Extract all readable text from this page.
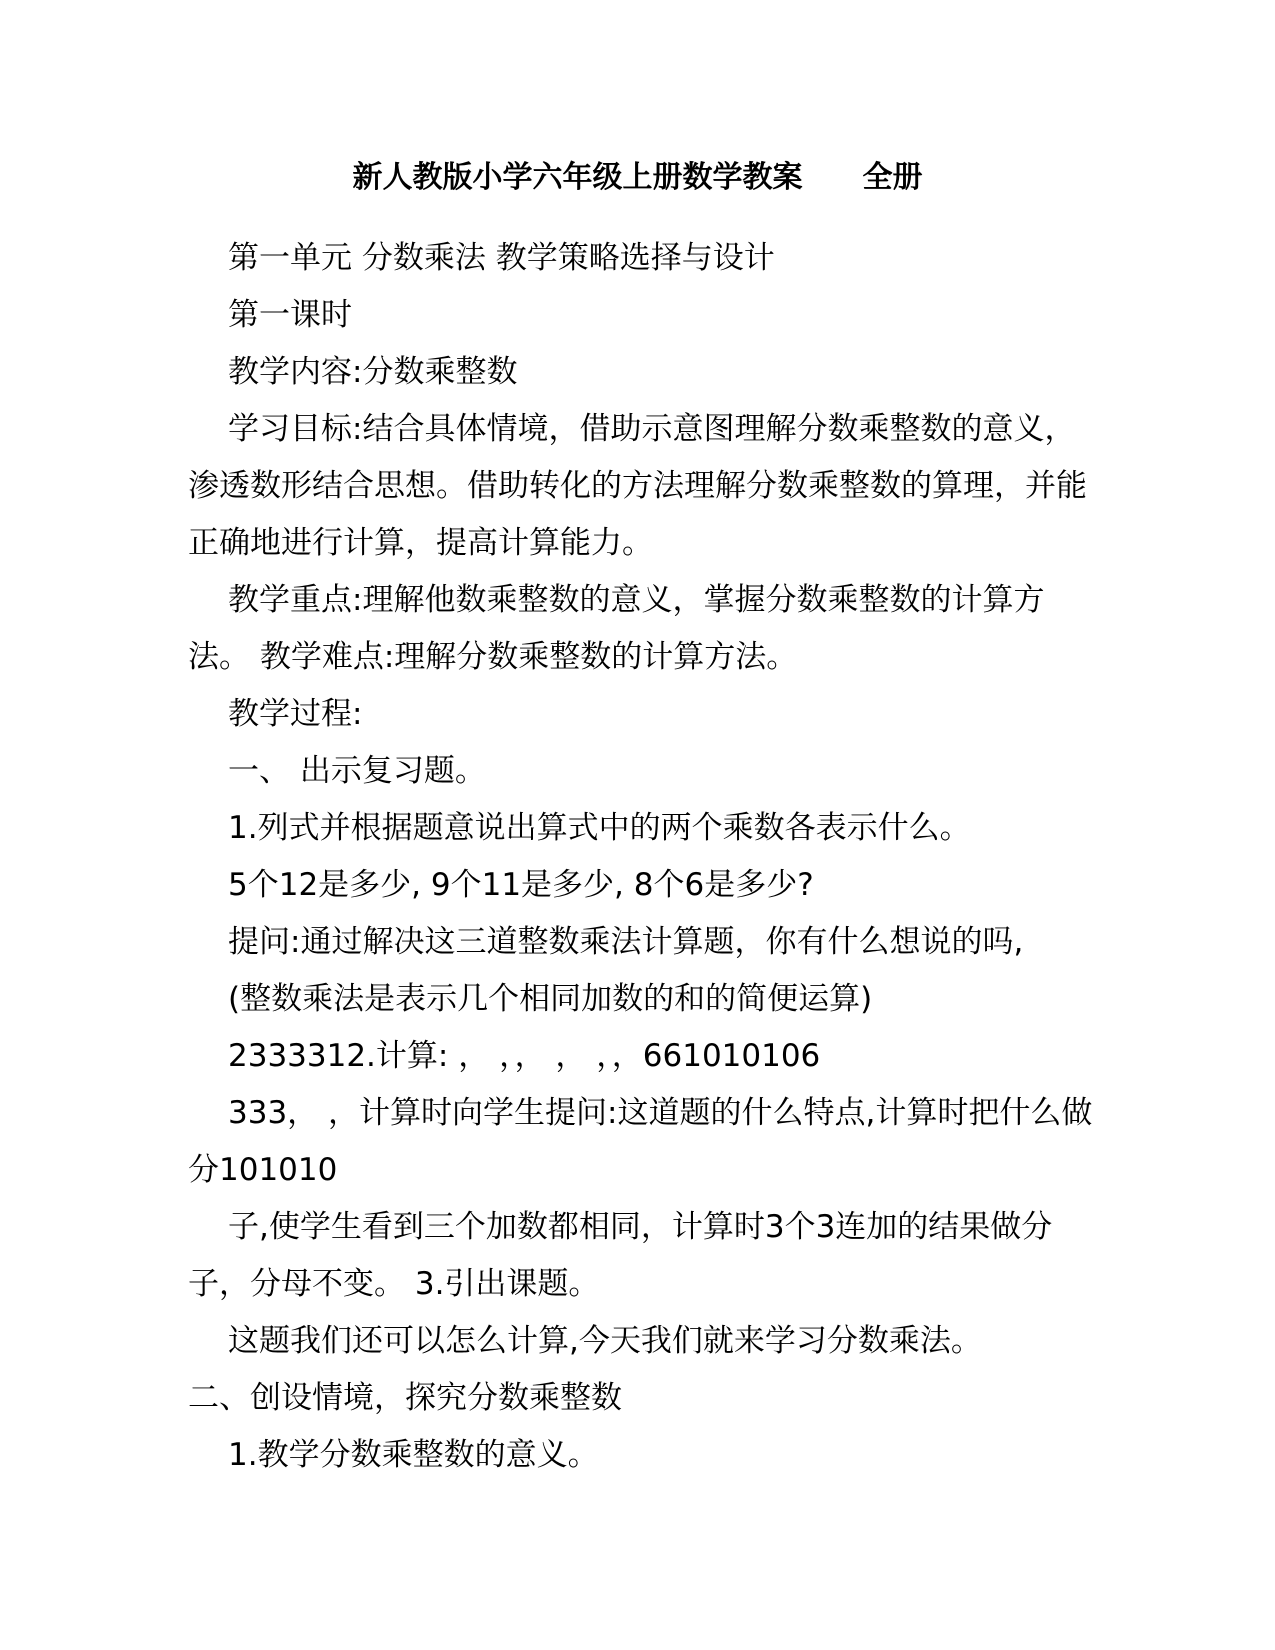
新人教版小学六年级上册数学教案　　全册

第一单元 分数乘法 教学策略选择与设计

第一课时

教学内容:分数乘整数

学习目标:结合具体情境，借助示意图理解分数乘整数的意义，渗透数形结合思想。借助转化的方法理解分数乘整数的算理，并能正确地进行计算，提高计算能力。

教学重点:理解他数乘整数的意义，掌握分数乘整数的计算方法。 教学难点:理解分数乘整数的计算方法。

教学过程:

一、 出示复习题。

1.列式并根据题意说出算式中的两个乘数各表示什么。

5个12是多少, 9个11是多少, 8个6是多少?

提问:通过解决这三道整数乘法计算题，你有什么想说的吗,

(整数乘法是表示几个相同加数的和的简便运算)

2333312.计算: ， ，， ， ，，661010106

333， ，计算时向学生提问:这道题的什么特点,计算时把什么做分101010

子,使学生看到三个加数都相同，计算时3个3连加的结果做分子，分母不变。 3.引出课题。

这题我们还可以怎么计算,今天我们就来学习分数乘法。

二、创设情境，探究分数乘整数

1.教学分数乘整数的意义。
